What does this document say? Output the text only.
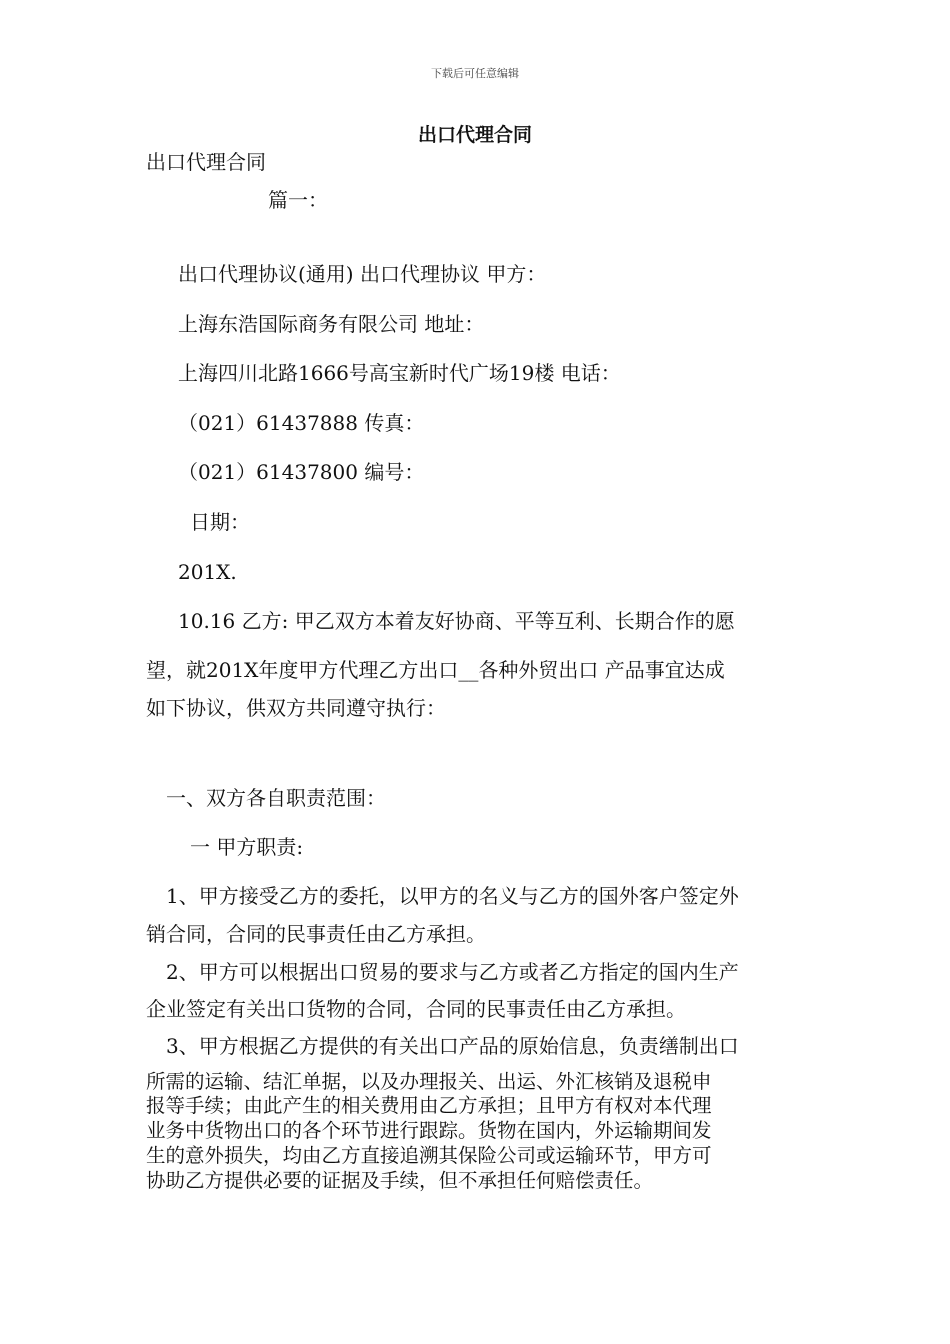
下载后可任意编辑
出口代理合同
出口代理合同
篇一：
出口代理协议(通用) 出口代理协议 甲方：
上海东浩国际商务有限公司 地址：
上海四川北路1666号高宝新时代广场19楼 电话：
（021）61437888 传真：
（021）61437800 编号：
日期：
201X.
10.16 乙方: 甲乙双方本着友好协商、平等互利、长期合作的愿
望，就201X年度甲方代理乙方出口__各种外贸出口 产品事宜达成
如下协议，供双方共同遵守执行：
一、双方各自职责范围：
一 甲方职责:
1、甲方接受乙方的委托，以甲方的名义与乙方的国外客户签定外
销合同，合同的民事责任由乙方承担。
2、甲方可以根据出口贸易的要求与乙方或者乙方指定的国内生产
企业签定有关出口货物的合同，合同的民事责任由乙方承担。
3、甲方根据乙方提供的有关出口产品的原始信息，负责缮制出口
所需的运输、结汇单据，以及办理报关、出运、外汇核销及退税申
报等手续；由此产生的相关费用由乙方承担；且甲方有权对本代理
业务中货物出口的各个环节进行跟踪。货物在国内，外运输期间发
生的意外损失，均由乙方直接追溯其保险公司或运输环节，甲方可
协助乙方提供必要的证据及手续，但不承担任何赔偿责任。
